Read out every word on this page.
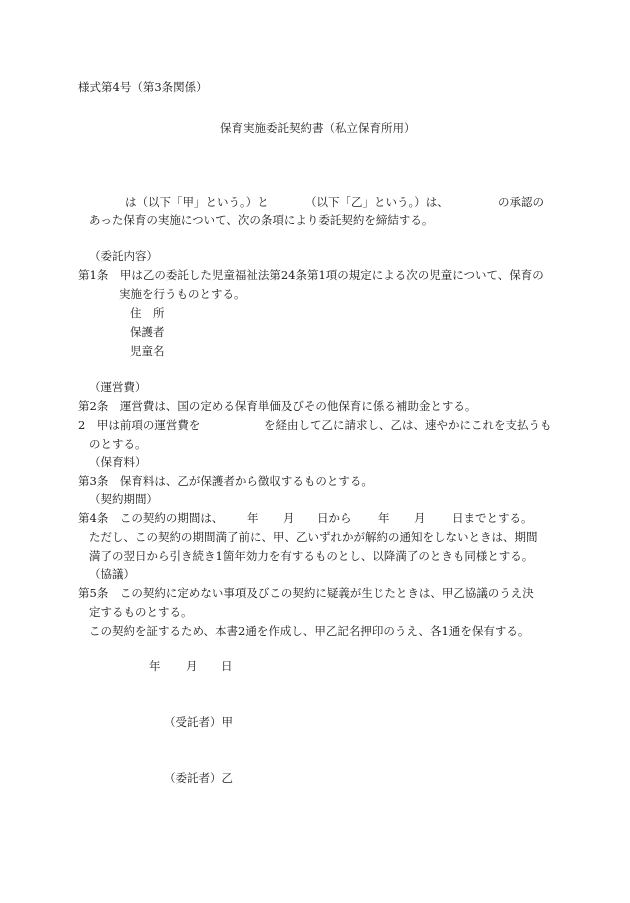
様式第4号（第3条関係）
保育実施委託契約書（私立保育所用）
は（以下「甲」という。）と	（以下「乙」という。）は、	の承認の
あった保育の実施について、次の条項により委託契約を締結する。
（委託内容）
第1条　甲は乙の委託した児童福祉法第24条第1項の規定による次の児童について、保育の
実施を行うものとする。
住　所
保護者
児童名
（運営費）
第2条　運営費は、国の定める保育単価及びその他保育に係る補助金とする。
2　甲は前項の運営費を	を経由して乙に請求し、乙は、速やかにこれを支払うも
のとする。
（保育料）
第3条　保育料は、乙が保護者から徴収するものとする。
（契約期間）
第4条　この契約の期間は、 年 月 日から 年 月 日までとする。
ただし、この契約の期間満了前に、甲、乙いずれかが解約の通知をしないときは、期間
満了の翌日から引き続き1箇年効力を有するものとし、以降満了のときも同様とする。
（協議）
第5条　この契約に定めない事項及びこの契約に疑義が生じたときは、甲乙協議のうえ決
定するものとする。
この契約を証するため、本書2通を作成し、甲乙記名押印のうえ、各1通を保有する。
年 月 日
（受託者）甲
（委託者）乙
